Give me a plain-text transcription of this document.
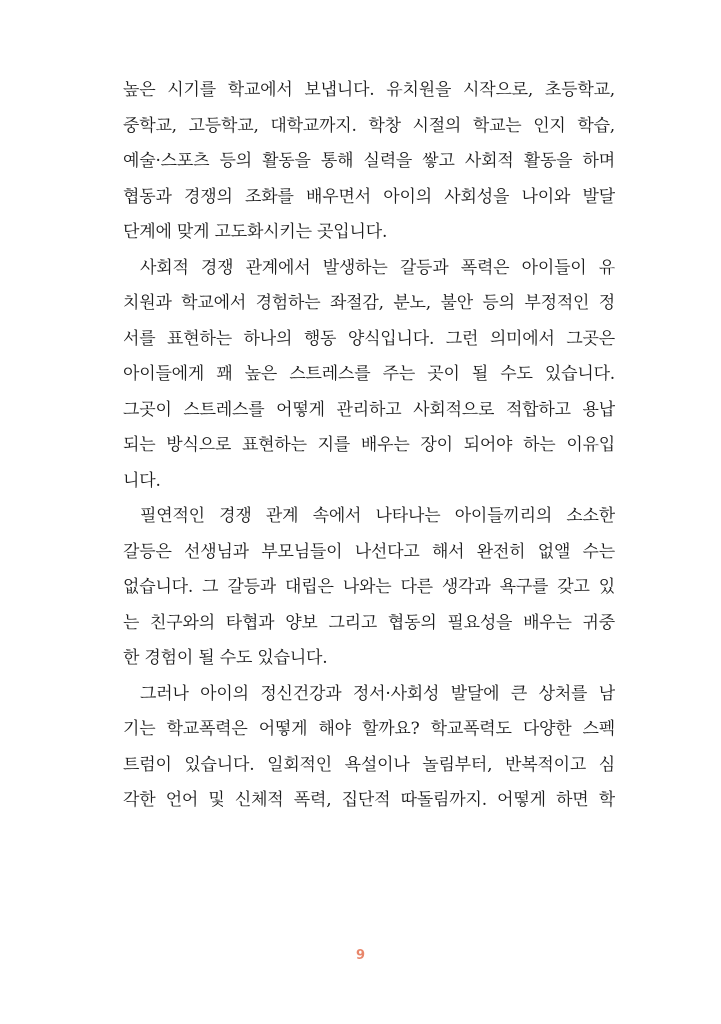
높은 시기를 학교에서 보냅니다. 유치원을 시작으로, 초등학교,
중학교, 고등학교, 대학교까지. 학창 시절의 학교는 인지 학습,
예술·스포츠 등의 활동을 통해 실력을 쌓고 사회적 활동을 하며
협동과 경쟁의 조화를 배우면서 아이의 사회성을 나이와 발달
단계에 맞게 고도화시키는 곳입니다.
사회적 경쟁 관계에서 발생하는 갈등과 폭력은 아이들이 유
치원과 학교에서 경험하는 좌절감, 분노, 불안 등의 부정적인 정
서를 표현하는 하나의 행동 양식입니다. 그런 의미에서 그곳은
아이들에게 꽤 높은 스트레스를 주는 곳이 될 수도 있습니다.
그곳이 스트레스를 어떻게 관리하고 사회적으로 적합하고 용납
되는 방식으로 표현하는 지를 배우는 장이 되어야 하는 이유입
니다.
필연적인 경쟁 관계 속에서 나타나는 아이들끼리의 소소한
갈등은 선생님과 부모님들이 나선다고 해서 완전히 없앨 수는
없습니다. 그 갈등과 대립은 나와는 다른 생각과 욕구를 갖고 있
는 친구와의 타협과 양보 그리고 협동의 필요성을 배우는 귀중
한 경험이 될 수도 있습니다.
그러나 아이의 정신건강과 정서·사회성 발달에 큰 상처를 남
기는 학교폭력은 어떻게 해야 할까요? 학교폭력도 다양한 스펙
트럼이 있습니다. 일회적인 욕설이나 놀림부터, 반복적이고 심
각한 언어 및 신체적 폭력, 집단적 따돌림까지. 어떻게 하면 학
9
